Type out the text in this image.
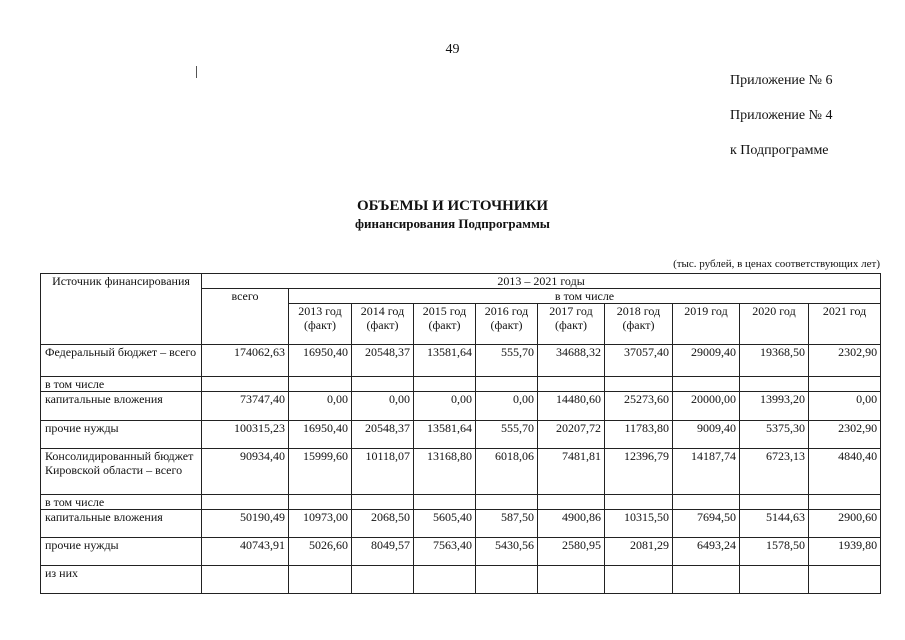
49
Приложение № 6
Приложение № 4
к Подпрограмме
ОБЪЕМЫ И ИСТОЧНИКИ
финансирования Подпрограммы
(тыс. рублей, в ценах соответствующих лет)
Источник финансирования	2013 – 2021 годы									
	всего	в том числе								
		2013 год (факт)	2014 год (факт)	2015 год (факт)	2016 год (факт)	2017 год (факт)	2018 год (факт)	2019 год	2020 год	2021 год
Федеральный бюджет – всего	174062,63	16950,40	20548,37	13581,64	555,70	34688,32	37057,40	29009,40	19368,50	2302,90
в том числе										
капитальные вложения	73747,40	0,00	0,00	0,00	0,00	14480,60	25273,60	20000,00	13993,20	0,00
прочие нужды	100315,23	16950,40	20548,37	13581,64	555,70	20207,72	11783,80	9009,40	5375,30	2302,90
Консолидированный бюджет Кировской области – всего	90934,40	15999,60	10118,07	13168,80	6018,06	7481,81	12396,79	14187,74	6723,13	4840,40
в том числе										
капитальные вложения	50190,49	10973,00	2068,50	5605,40	587,50	4900,86	10315,50	7694,50	5144,63	2900,60
прочие нужды	40743,91	5026,60	8049,57	7563,40	5430,56	2580,95	2081,29	6493,24	1578,50	1939,80
из них										
